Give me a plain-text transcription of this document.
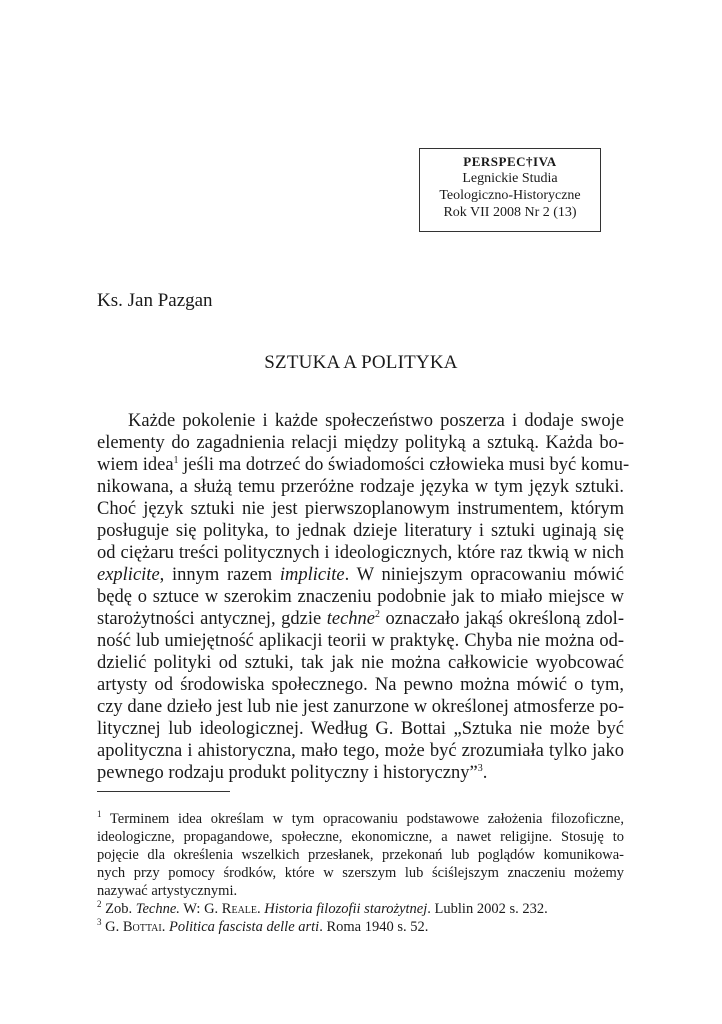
PERSPEC†IVA
Legnickie Studia
Teologiczno-Historyczne
Rok VII 2008 Nr 2 (13)
Ks. Jan Pazgan
SZTUKA A POLITYKA
Każde pokolenie i każde społeczeństwo poszerza i dodaje swoje
elementy do zagadnienia relacji między polityką a sztuką. Każda bo-
wiem idea$^1$ jeśli ma dotrzeć do świadomości człowieka musi być komu-
nikowana, a służą temu przeróżne rodzaje języka w tym język sztuki.
Choć język sztuki nie jest pierwszoplanowym instrumentem, którym
posługuje się polityka, to jednak dzieje literatury i sztuki uginają się
od ciężaru treści politycznych i ideologicznych, które raz tkwią w nich
explicite, innym razem implicite. W niniejszym opracowaniu mówić
będę o sztuce w szerokim znaczeniu podobnie jak to miało miejsce w
starożytności antycznej, gdzie techne$^2$ oznaczało jakąś określoną zdol-
ność lub umiejętność aplikacji teorii w praktykę. Chyba nie można od-
dzielić polityki od sztuki, tak jak nie można całkowicie wyobcować
artysty od środowiska społecznego. Na pewno można mówić o tym,
czy dane dzieło jest lub nie jest zanurzone w określonej atmosferze po-
litycznej lub ideologicznej. Według G. Bottai „Sztuka nie może być
apolityczna i ahistoryczna, mało tego, może być zrozumiała tylko jako
pewnego rodzaju produkt polityczny i historyczny”$^3$.
$^1$ Terminem idea określam w tym opracowaniu podstawowe założenia filozoficzne,
ideologiczne, propagandowe, społeczne, ekonomiczne, a nawet religijne. Stosuję to
pojęcie dla określenia wszelkich przesłanek, przekonań lub poglądów komunikowa-
nych przy pomocy środków, które w szerszym lub ściślejszym znaczeniu możemy
nazywać artystycznymi.
$^2$ Zob. Techne. W: G. Reale. Historia filozofii starożytnej. Lublin 2002 s. 232.
$^3$ G. Bottai. Politica fascista delle arti. Roma 1940 s. 52.
